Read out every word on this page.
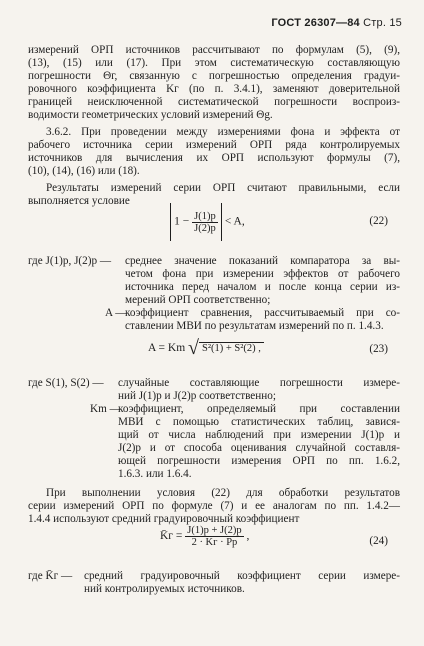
ГОСТ 26307—84 Стр. 15
измерений ОРП источников рассчитывают по формулам (5), (9),
(13), (15) или (17). При этом систематическую составляющую
погрешности Θг, связанную с погрешностью определения градуи-
ровочного коэффициента Kг (по п. 3.4.1), заменяют доверительной
границей неисключенной систематической погрешности воспроиз-
водимости геометрических условий измерений Θg.
3.6.2. При проведении между измерениями фона и эффекта от
рабочего источника серии измерений ОРП ряда контролируемых
источников для вычисления их ОРП используют формулы (7),
(10), (14), (16) или (18).
Результаты измерений серии ОРП считают правильными, если
выполняется условие
$1 - \frac{J(1)р}{J(2)р} < A$,	(22)
где J(1)р, J(2)р — среднее значение показаний компаратора за вы-
четом фона при измерении эффектов от рабочего
источника перед началом и после конца серии из-
мерений ОРП соответственно;
A —
коэффициент сравнения, рассчитываемый при со-
ставлении МВИ по результатам измерений по п. 1.4.3.
A = Km √ S²(1) + S²(2) ,	(23)
где S(1), S(2) — случайные составляющие погрешности измере-
ний J(1)р и J(2)р соответственно;
Km —
коэффициент, определяемый при составлении
МВИ с помощью статистических таблиц, завися-
щий от числа наблюдений при измерении J(1)р и
J(2)р и от способа оценивания случайной составля-
ющей погрешности измерения ОРП по пп. 1.6.2,
1.6.3. или 1.6.4.
При выполнении условия (22) для обработки результатов
серии измерений ОРП по формуле (7) и ее аналогам по пп. 1.4.2—
1.4.4 используют средний градуировочный коэффициент
K̄г = $\frac{J(1)р + J(2)р}{2 \cdot Kг \cdot Pр}$ ,	(24)
где K̄г — средний градуировочный коэффициент серии измере-
ний контролируемых источников.
